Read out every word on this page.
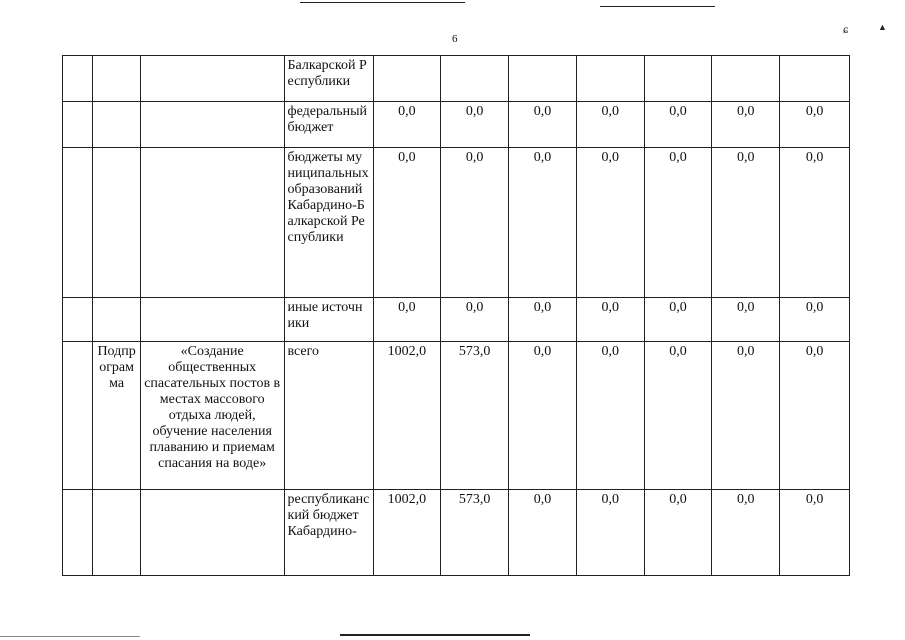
6
ɕ	▲
			Балкарской Республики							
			федеральный бюджет	0,0	0,0	0,0	0,0	0,0	0,0	0,0
			бюджеты муниципальных образований Кабардино-Балкарской Республики	0,0	0,0	0,0	0,0	0,0	0,0	0,0
			иные источники	0,0	0,0	0,0	0,0	0,0	0,0	0,0
	Подпрограмма	«Создание общественных спасательных постов в местах массового отдыха людей, обучение населения плаванию и приемам спасания на воде»	всего	1002,0	573,0	0,0	0,0	0,0	0,0	0,0
			республиканский бюджет Кабардино-	1002,0	573,0	0,0	0,0	0,0	0,0	0,0
